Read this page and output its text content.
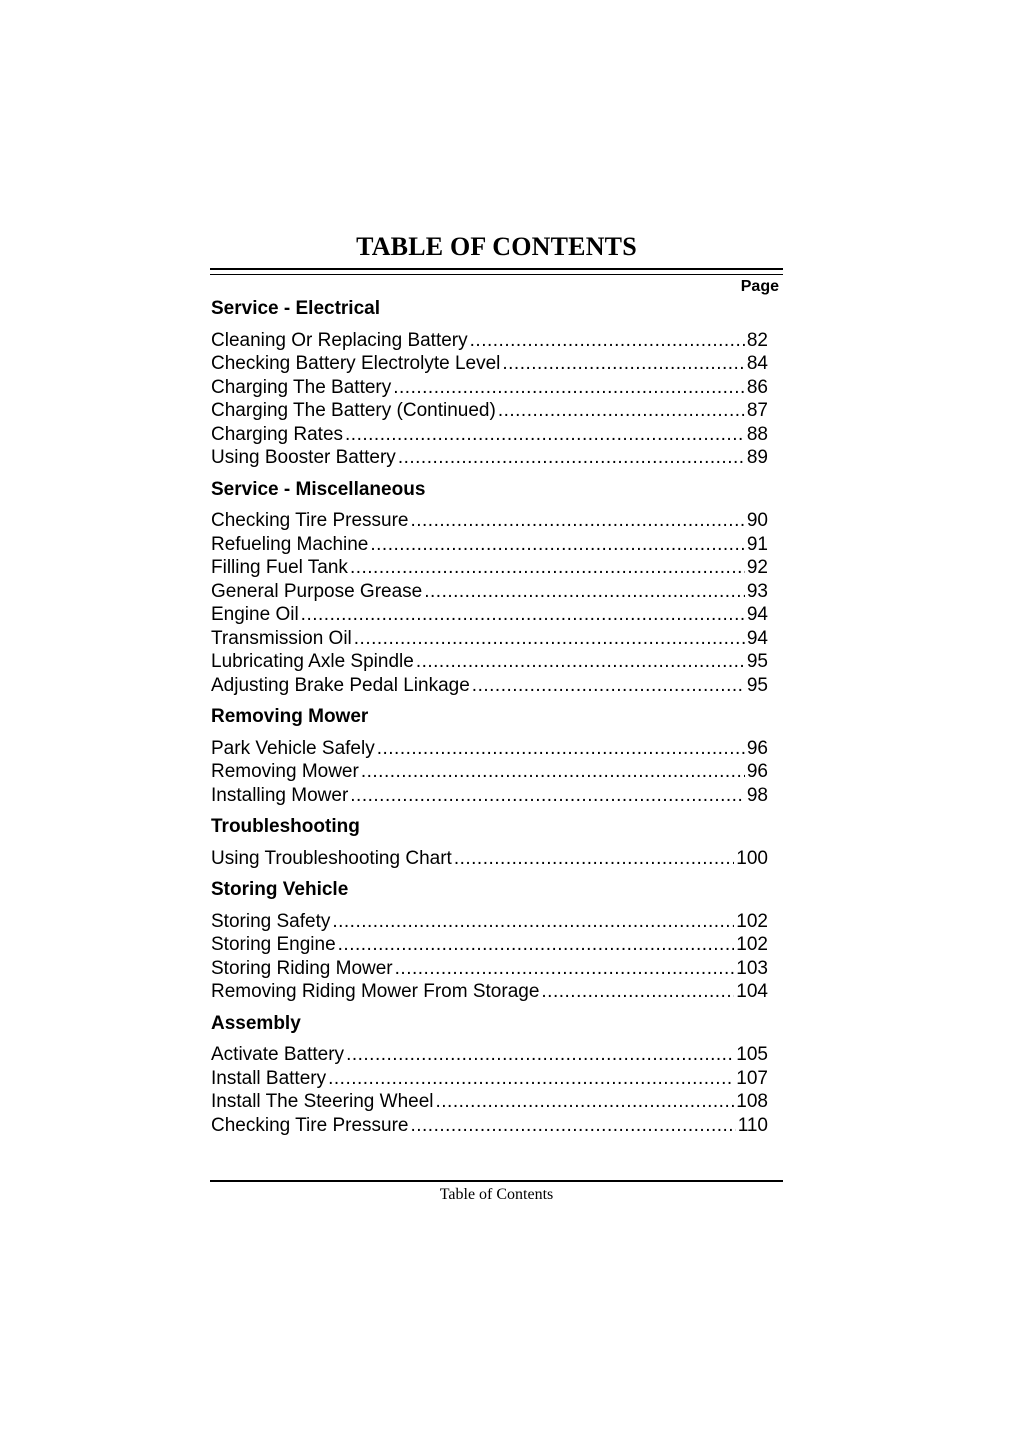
TABLE OF CONTENTS
Page
Service - Electrical
Cleaning Or Replacing Battery .....	82
Checking Battery Electrolyte Level .....	84
Charging The Battery .....	86
Charging The Battery (Continued) .....	87
Charging Rates .....	88
Using Booster Battery .....	89
Service - Miscellaneous
Checking Tire Pressure .....	90
Refueling Machine .....	91
Filling Fuel Tank .....	92
General Purpose Grease .....	93
Engine Oil .....	94
Transmission Oil .....	94
Lubricating Axle Spindle .....	95
Adjusting Brake Pedal Linkage .....	95
Removing Mower
Park Vehicle Safely .....	96
Removing Mower .....	96
Installing Mower .....	98
Troubleshooting
Using Troubleshooting Chart .....	100
Storing Vehicle
Storing Safety .....	102
Storing Engine .....	102
Storing Riding Mower .....	103
Removing Riding Mower From Storage .....	104
Assembly
Activate Battery .....	105
Install Battery .....	107
Install The Steering Wheel .....	108
Checking Tire Pressure .....	110
Table of Contents
